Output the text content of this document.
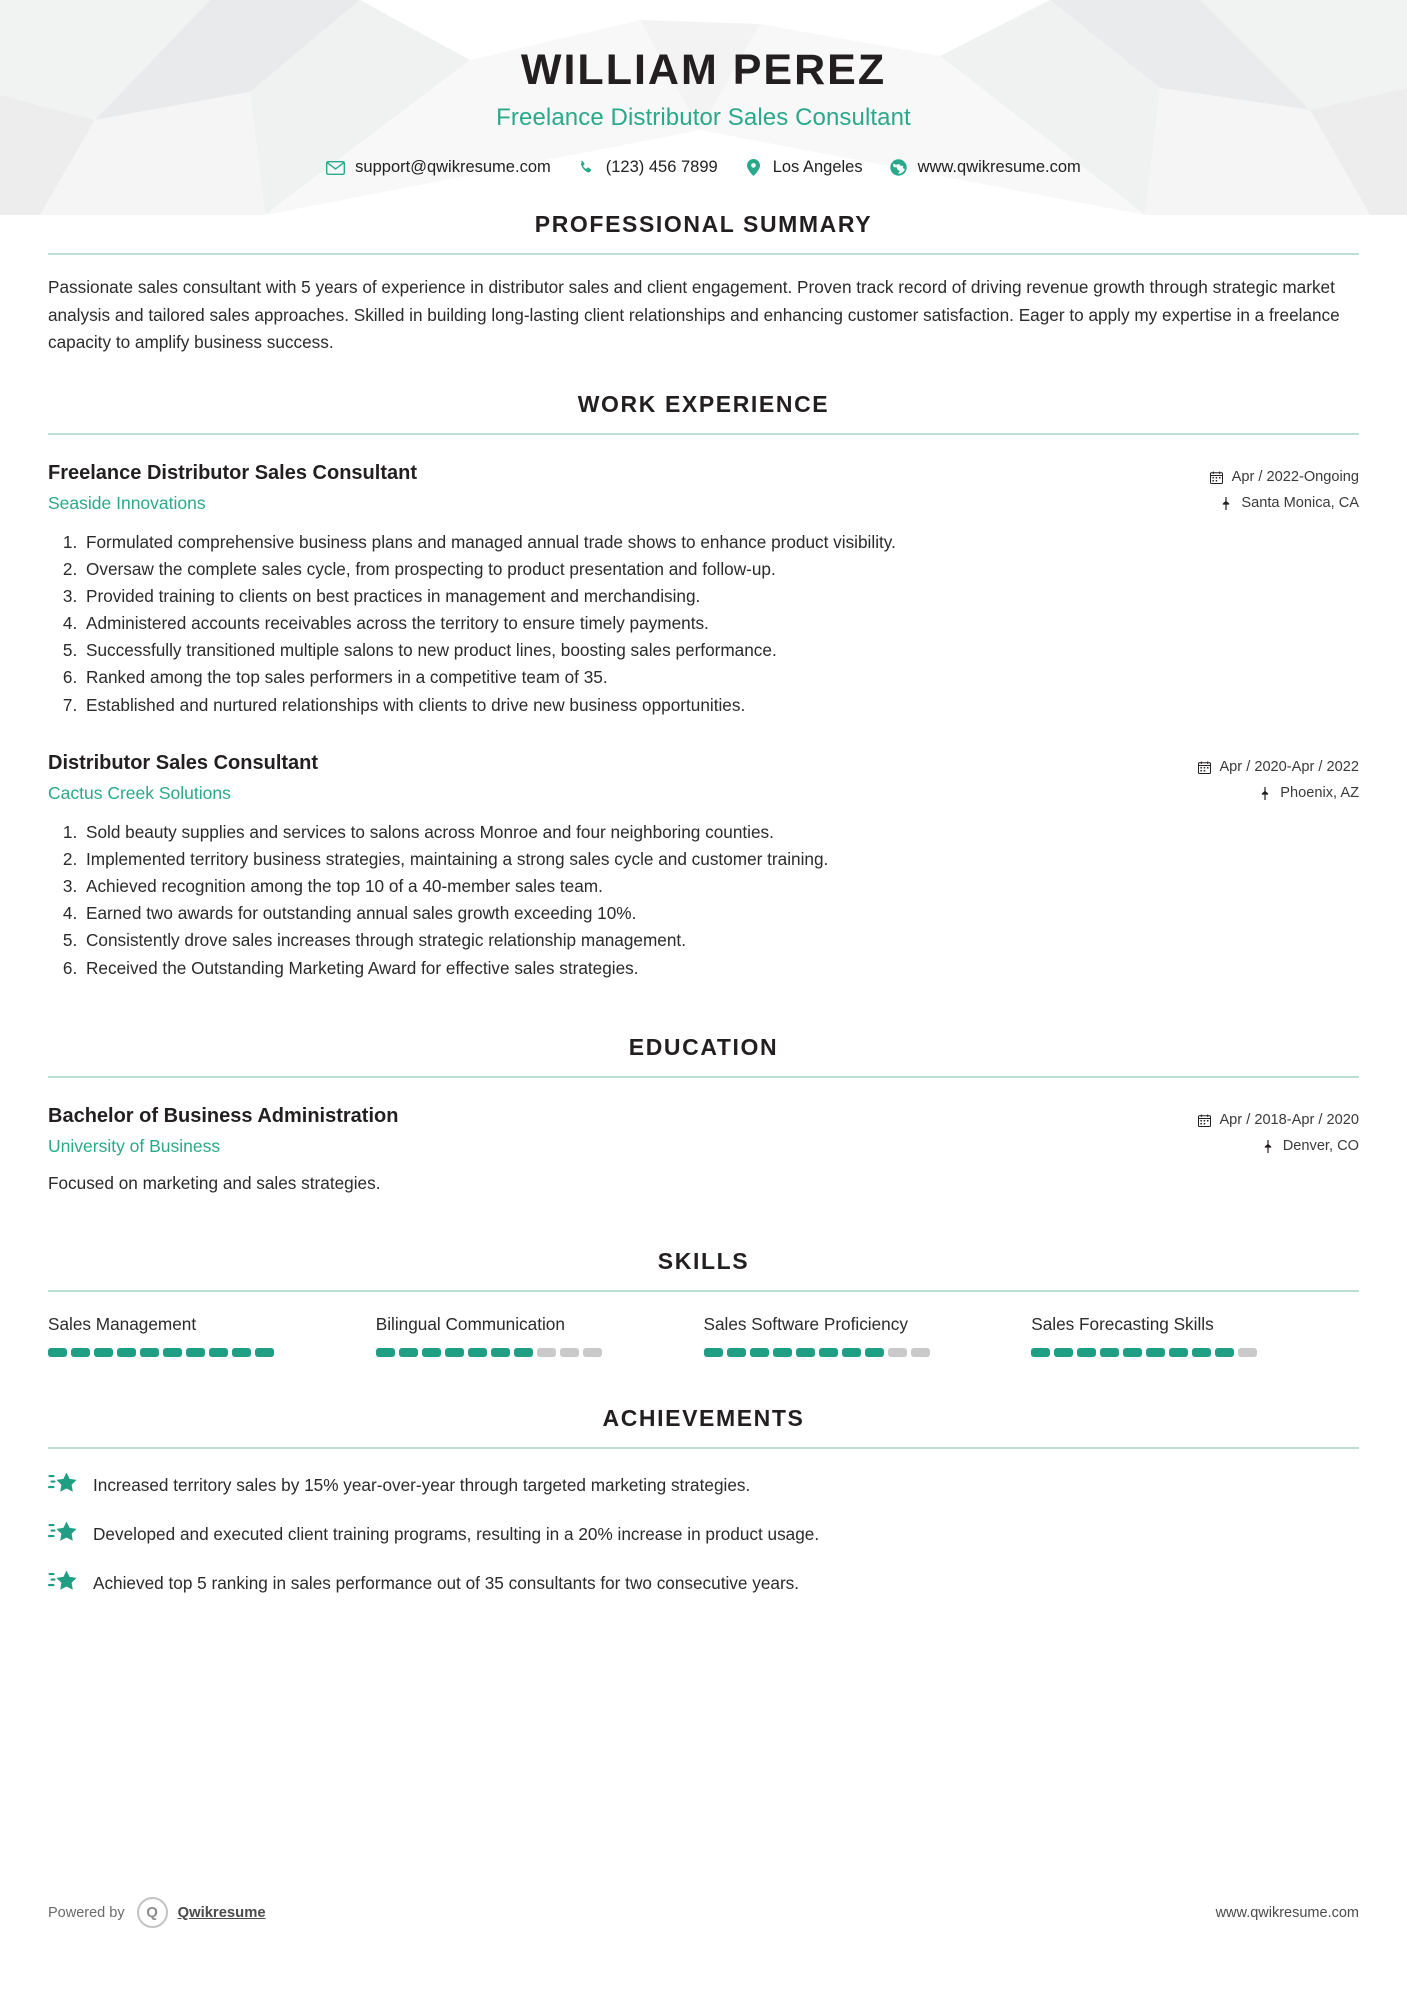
WILLIAM PEREZ
Freelance Distributor Sales Consultant
support@qwikresume.com	(123) 456 7899	Los Angeles	www.qwikresume.com
PROFESSIONAL SUMMARY

Passionate sales consultant with 5 years of experience in distributor sales and client engagement. Proven track record of driving revenue growth through strategic market analysis and tailored sales approaches. Skilled in building long-lasting client relationships and enhancing customer satisfaction. Eager to apply my expertise in a freelance capacity to amplify business success.

WORK EXPERIENCE
Freelance Distributor Sales Consultant
Seaside Innovations
Apr / 2022-Ongoing
Santa Monica, CA
1. Formulated comprehensive business plans and managed annual trade shows to enhance product visibility.
2. Oversaw the complete sales cycle, from prospecting to product presentation and follow-up.
3. Provided training to clients on best practices in management and merchandising.
4. Administered accounts receivables across the territory to ensure timely payments.
5. Successfully transitioned multiple salons to new product lines, boosting sales performance.
6. Ranked among the top sales performers in a competitive team of 35.
7. Established and nurtured relationships with clients to drive new business opportunities.
Distributor Sales Consultant
Cactus Creek Solutions
Apr / 2020-Apr / 2022
Phoenix, AZ
1. Sold beauty supplies and services to salons across Monroe and four neighboring counties.
2. Implemented territory business strategies, maintaining a strong sales cycle and customer training.
3. Achieved recognition among the top 10 of a 40-member sales team.
4. Earned two awards for outstanding annual sales growth exceeding 10%.
5. Consistently drove sales increases through strategic relationship management.
6. Received the Outstanding Marketing Award for effective sales strategies.
EDUCATION
Bachelor of Business Administration
University of Business
Apr / 2018-Apr / 2020
Denver, CO
Focused on marketing and sales strategies.
SKILLS
Sales Management	Bilingual Communication	Sales Software Proficiency	Sales Forecasting Skills
ACHIEVEMENTS
Increased territory sales by 15% year-over-year through targeted marketing strategies.
Developed and executed client training programs, resulting in a 20% increase in product usage.
Achieved top 5 ranking in sales performance out of 35 consultants for two consecutive years.
Powered by	Q	Qwikresume	www.qwikresume.com
